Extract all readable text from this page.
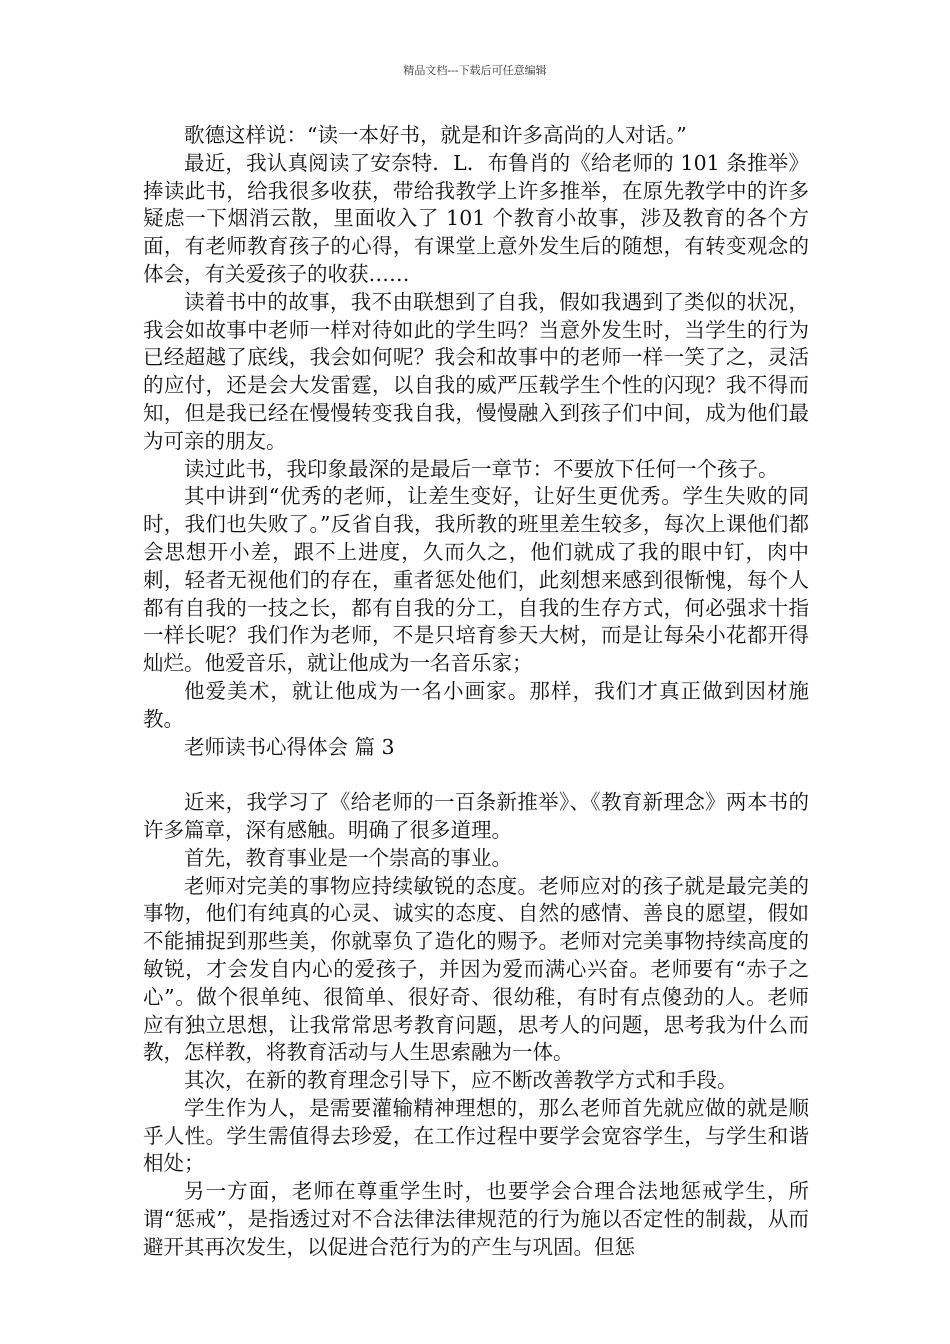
精品文档---下载后可任意编辑

歌德这样说：“读一本好书，就是和许多高尚的人对话。”

最近，我认真阅读了安奈特．L．布鲁肖的《给老师的 101 条推举》捧读此书，给我很多收获，带给我教学上许多推举，在原先教学中的许多疑虑一下烟消云散，里面收入了 101 个教育小故事，涉及教育的各个方面，有老师教育孩子的心得，有课堂上意外发生后的随想，有转变观念的体会，有关爱孩子的收获……

读着书中的故事，我不由联想到了自我，假如我遇到了类似的状况，我会如故事中老师一样对待如此的学生吗？当意外发生时，当学生的行为已经超越了底线，我会如何呢？我会和故事中的老师一样一笑了之，灵活的应付，还是会大发雷霆，以自我的威严压载学生个性的闪现？我不得而知，但是我已经在慢慢转变我自我，慢慢融入到孩子们中间，成为他们最为可亲的朋友。

读过此书，我印象最深的是最后一章节：不要放下任何一个孩子。

其中讲到“优秀的老师，让差生变好，让好生更优秀。学生失败的同时，我们也失败了。”反省自我，我所教的班里差生较多，每次上课他们都会思想开小差，跟不上进度，久而久之，他们就成了我的眼中钉，肉中刺，轻者无视他们的存在，重者惩处他们，此刻想来感到很惭愧，每个人都有自我的一技之长，都有自我的分工，自我的生存方式，何必强求十指一样长呢？我们作为老师，不是只培育参天大树，而是让每朵小花都开得灿烂。他爱音乐，就让他成为一名音乐家；

他爱美术，就让他成为一名小画家。那样，我们才真正做到因材施教。

老师读书心得体会 篇 3

近来，我学习了《给老师的一百条新推举》、《教育新理念》两本书的许多篇章，深有感触。明确了很多道理。

首先，教育事业是一个崇高的事业。

老师对完美的事物应持续敏锐的态度。老师应对的孩子就是最完美的事物，他们有纯真的心灵、诚实的态度、自然的感情、善良的愿望，假如不能捕捉到那些美，你就辜负了造化的赐予。老师对完美事物持续高度的敏锐，才会发自内心的爱孩子，并因为爱而满心兴奋。老师要有“赤子之心”。做个很单纯、很简单、很好奇、很幼稚，有时有点傻劲的人。老师应有独立思想，让我常常思考教育问题，思考人的问题，思考我为什么而教，怎样教，将教育活动与人生思索融为一体。

其次，在新的教育理念引导下，应不断改善教学方式和手段。

学生作为人，是需要灌输精神理想的，那么老师首先就应做的就是顺乎人性。学生需值得去珍爱，在工作过程中要学会宽容学生，与学生和谐相处；

另一方面，老师在尊重学生时，也要学会合理合法地惩戒学生，所谓“惩戒”，是指透过对不合法律法律规范的行为施以否定性的制裁，从而避开其再次发生，以促进合范行为的产生与巩固。但惩
